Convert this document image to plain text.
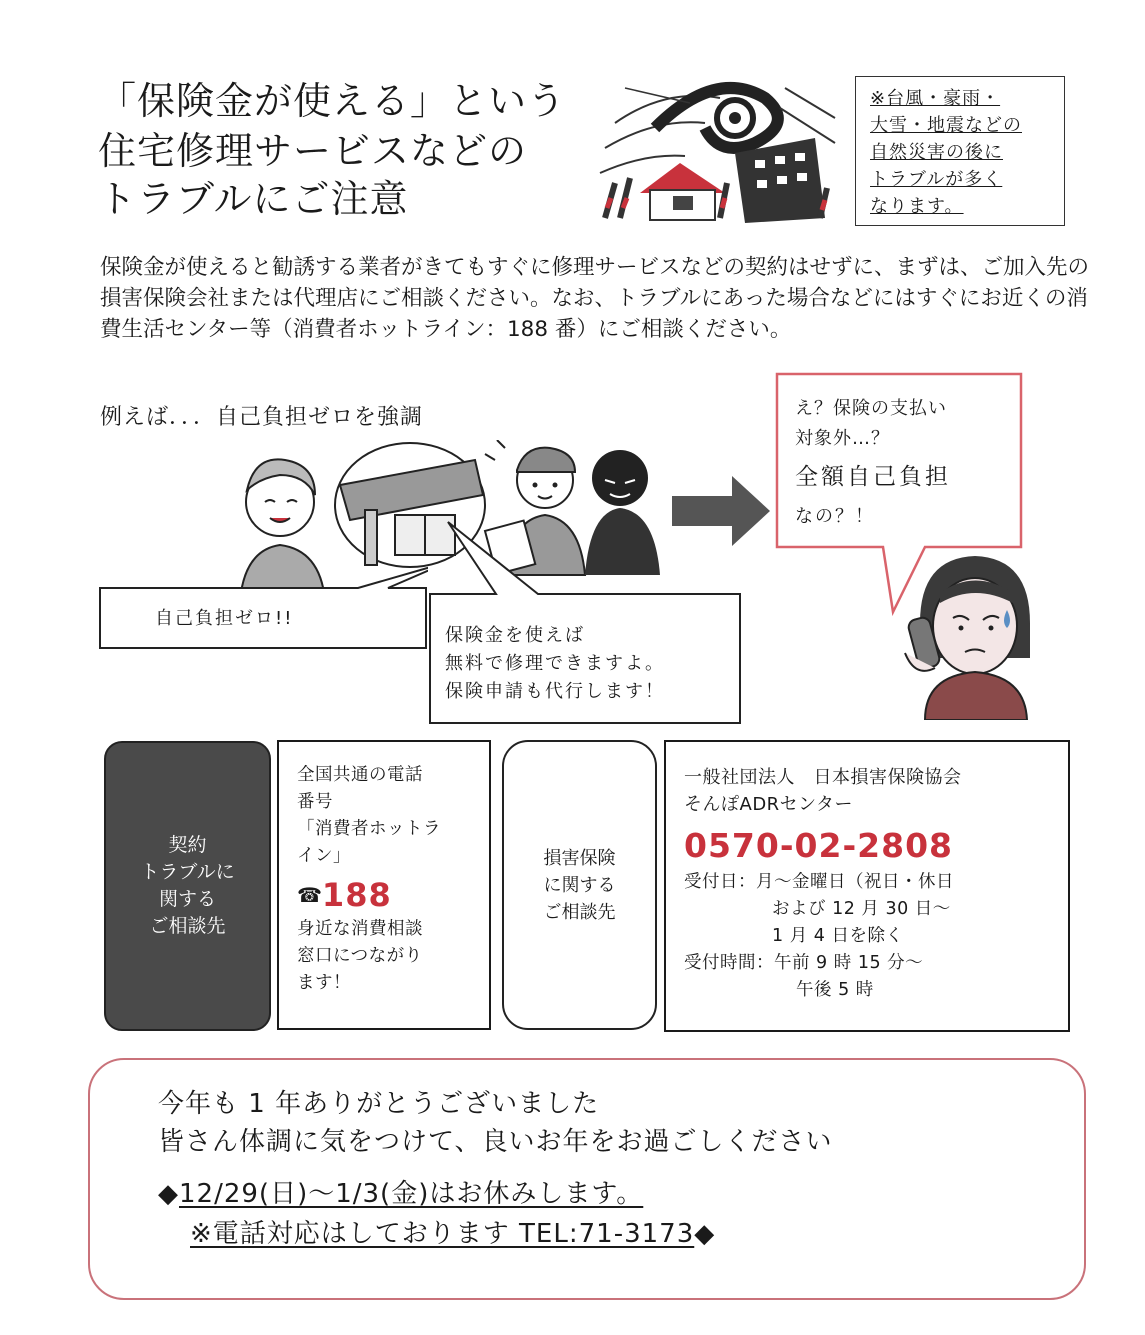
「保険金が使える」という
住宅修理サービスなどの
トラブルにご注意
※台風・豪雨・
大雪・地震などの
自然災害の後に
トラブルが多く
なります。
保険金が使えると勧誘する業者がきてもすぐに修理サービスなどの契約はせずに、まずは、ご加入先の損害保険会社または代理店にご相談ください。なお、トラブルにあった場合などにはすぐにお近くの消費生活センター等（消費者ホットライン：188 番）にご相談ください。
例えば．．．自己負担ゼロを強調
自己負担ゼロ!!
保険金を使えば
無料で修理できますよ。
保険申請も代行します！
え？保険の支払い
対象外…？
全額自己負担
なの？！
契約
トラブルに
関する
ご相談先
全国共通の電話
番号
「消費者ホットラ
イン」
☎188
身近な消費相談
窓口につながり
ます！
損害保険
に関する
ご相談先
一般社団法人　日本損害保険協会
そんぽADRセンター
0570-02-2808
受付日：月～金曜日（祝日・休日
および 12 月 30 日～
1 月 4 日を除く
受付時間：午前 9 時 15 分～
午後 5 時
今年も 1 年ありがとうございました
皆さん体調に気をつけて、良いお年をお過ごしください
◆12/29(日)～1/3(金)はお休みします。
※電話対応はしております TEL:71-3173◆
